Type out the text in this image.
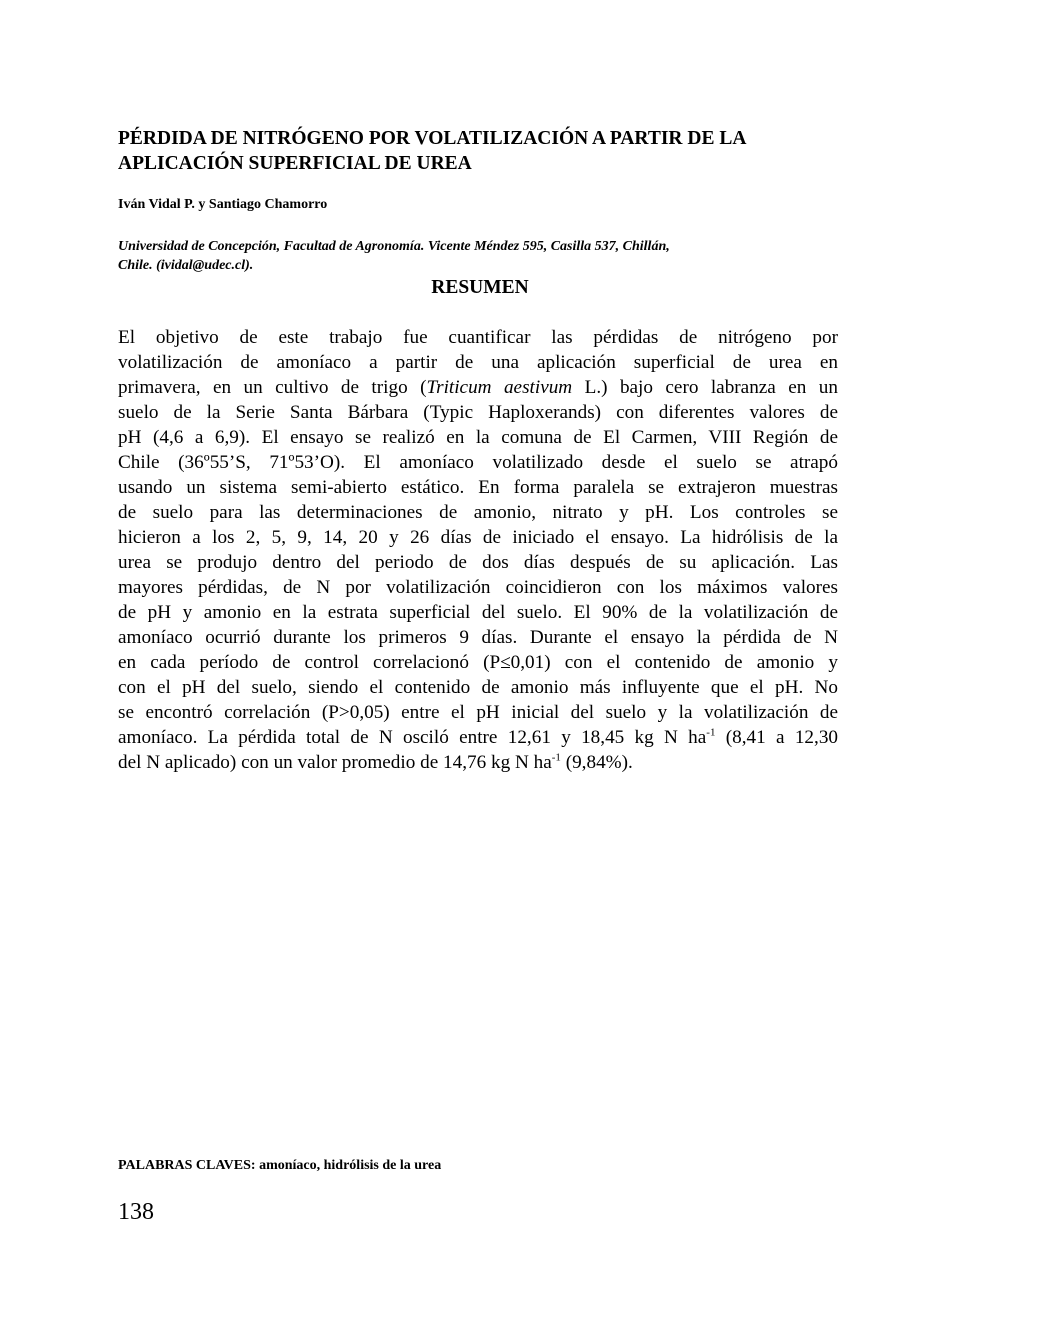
PÉRDIDA DE NITRÓGENO POR VOLATILIZACIÓN A PARTIR DE LA
APLICACIÓN SUPERFICIAL DE UREA

Iván Vidal P. y Santiago Chamorro

Universidad de Concepción, Facultad de Agronomía. Vicente Méndez 595, Casilla 537, Chillán,
Chile. (ividal@udec.cl).

RESUMEN
El objetivo de este trabajo fue cuantificar las pérdidas de nitrógeno por
volatilización de amoníaco a partir de una aplicación superficial de urea en
primavera, en un cultivo de trigo (Triticum aestivum L.) bajo cero labranza en un
suelo de la Serie Santa Bárbara (Typic Haploxerands) con diferentes valores de
pH (4,6 a 6,9). El ensayo se realizó en la comuna de El Carmen, VIII Región de
Chile (36º55’S, 71º53’O). El amoníaco volatilizado desde el suelo se atrapó
usando un sistema semi-abierto estático. En forma paralela se extrajeron muestras
de suelo para las determinaciones de amonio, nitrato y pH. Los controles se
hicieron a los 2, 5, 9, 14, 20 y 26 días de iniciado el ensayo. La hidrólisis de la
urea se produjo dentro del periodo de dos días después de su aplicación. Las
mayores pérdidas, de N por volatilización coincidieron con los máximos valores
de pH y amonio en la estrata superficial del suelo. El 90% de la volatilización de
amoníaco ocurrió durante los primeros 9 días. Durante el ensayo la pérdida de N
en cada período de control correlacionó (P≤0,01) con el contenido de amonio y
con el pH del suelo, siendo el contenido de amonio más influyente que el pH. No
se encontró correlación (P>0,05) entre el pH inicial del suelo y la volatilización de
amoníaco. La pérdida total de N osciló entre 12,61 y 18,45 kg N $ha^{-1}$ (8,41 a 12,30
del N aplicado) con un valor promedio de 14,76 kg N $ha^{-1}$ (9,84%).

PALABRAS CLAVES: amoníaco, hidrólisis de la urea

138
